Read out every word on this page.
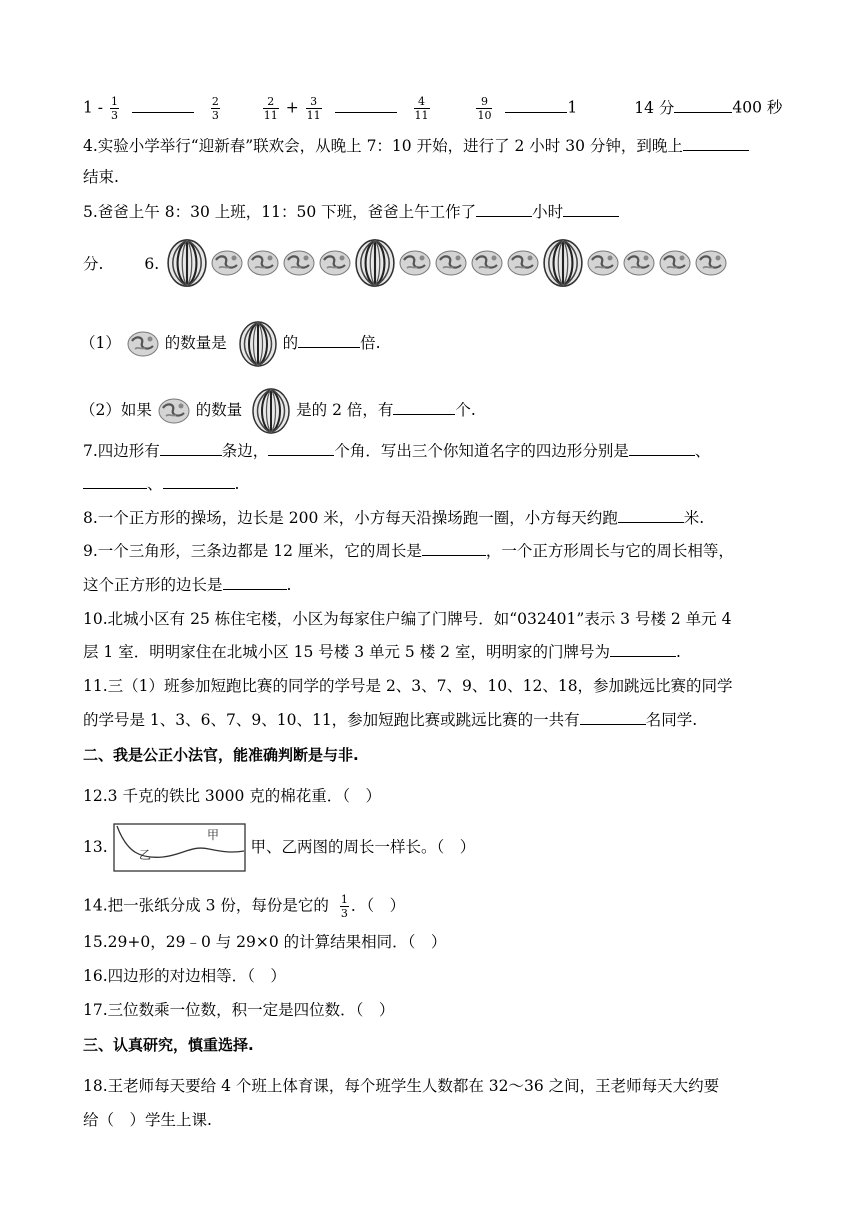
$1 - \frac{1}{3}$
	$\frac{2}{3}$
	$\frac{2}{11} + \frac{3}{11}$
	$\frac{4}{11}$
	$\frac{9}{10}$	1	14 分	400 秒
4.实验小学举行“迎新春”联欢会，从晚上 7：10 开始，进行了 2 小时 30 分钟，到晚上
结束.
5.爸爸上午 8：30 上班，11：50 下班，爸爸上午工作了	小时
分.	6.
（1）	的数量是	的	倍.
（2）如果	的数量	是的 2 倍，有	个.
7.四边形有	条边，	个角．写出三个你知道名字的四边形分别是	、
、	.
8.一个正方形的操场，边长是 200 米，小方每天沿操场跑一圈，小方每天约跑	米.
9.一个三角形，三条边都是 12 厘米，它的周长是	，一个正方形周长与它的周长相等，
这个正方形的边长是	.
10.北城小区有 25 栋住宅楼，小区为每家住户编了门牌号．如“032401”表示 3 号楼 2 单元 4
层 1 室．明明家住在北城小区 15 号楼 3 单元 5 楼 2 室，明明家的门牌号为	.
11.三（1）班参加短跑比赛的同学的学号是 2、3、7、9、10、12、18，参加跳远比赛的同学
的学号是 1、3、6、7、9、10、11，参加短跑比赛或跳远比赛的一共有	名同学.
二、我是公正小法官，能准确判断是与非.
12.3 千克的铁比 3000 克的棉花重．（　）
13.
甲
乙	甲、乙两图的周长一样长。（　）
14.把一张纸分成 3 份，每份是它的 $\frac{1}{3}$ ．（　）
15.29+0，29﹣0 与 29×0 的计算结果相同．（　）
16.四边形的对边相等．（　）
17.三位数乘一位数，积一定是四位数．（　）
三、认真研究，慎重选择.
18.王老师每天要给 4 个班上体育课，每个班学生人数都在 32～36 之间，王老师每天大约要
给（　）学生上课.
